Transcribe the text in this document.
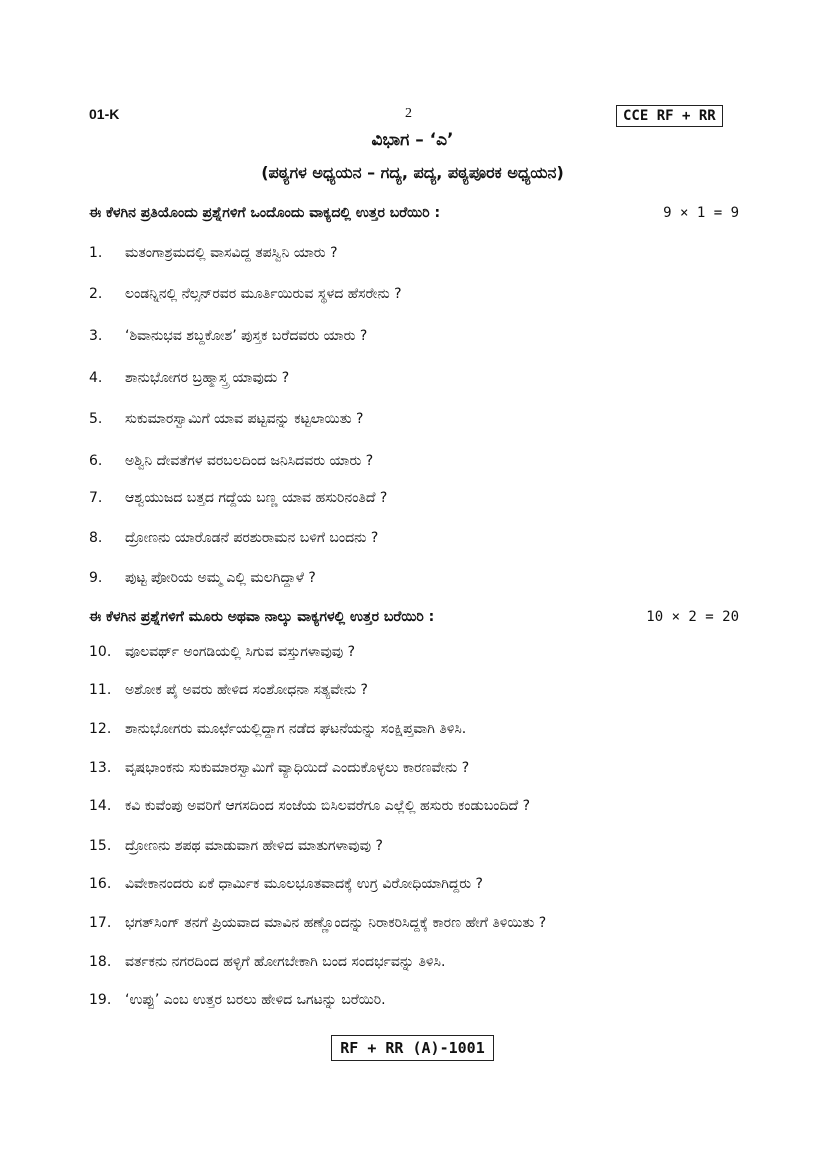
01-K	2	CCE RF + RR
ವಿಭಾಗ – ‘ಎ’
(ಪಠ್ಯಗಳ ಅಧ್ಯಯನ – ಗದ್ಯ, ಪದ್ಯ, ಪಠ್ಯಪೂರಕ ಅಧ್ಯಯನ)
ಈ ಕೆಳಗಿನ ಪ್ರತಿಯೊಂದು ಪ್ರಶ್ನೆಗಳಿಗೆ ಒಂದೊಂದು ವಾಕ್ಯದಲ್ಲಿ ಉತ್ತರ ಬರೆಯಿರಿ :	9 × 1 = 9
1. ಮತಂಗಾಶ್ರಮದಲ್ಲಿ ವಾಸವಿದ್ದ ತಪಸ್ವಿನಿ ಯಾರು ?
2. ಲಂಡನ್ನಿನಲ್ಲಿ ನೆಲ್ಸನ್‌ರವರ ಮೂರ್ತಿಯಿರುವ ಸ್ಥಳದ ಹೆಸರೇನು ?
3. ‘ಶಿವಾನುಭವ ಶಬ್ದಕೋಶ’ ಪುಸ್ತಕ ಬರೆದವರು ಯಾರು ?
4. ಶಾನುಭೋಗರ ಬ್ರಹ್ಮಾಸ್ತ್ರ ಯಾವುದು ?
5. ಸುಕುಮಾರಸ್ವಾಮಿಗೆ ಯಾವ ಪಟ್ಟವನ್ನು ಕಟ್ಟಲಾಯಿತು ?
6. ಅಶ್ವಿನಿ ದೇವತೆಗಳ ವರಬಲದಿಂದ ಜನಿಸಿದವರು ಯಾರು ?
7. ಆಶ್ವಯುಜದ ಬತ್ತದ ಗದ್ದೆಯ ಬಣ್ಣ ಯಾವ ಹಸುರಿನಂತಿದೆ ?
8. ದ್ರೋಣನು ಯಾರೊಡನೆ ಪರಶುರಾಮನ ಬಳಿಗೆ ಬಂದನು ?
9. ಪುಟ್ಟ ಪೋರಿಯ ಅಮ್ಮ ಎಲ್ಲಿ ಮಲಗಿದ್ದಾಳೆ ?
ಈ ಕೆಳಗಿನ ಪ್ರಶ್ನೆಗಳಿಗೆ ಮೂರು ಅಥವಾ ನಾಲ್ಕು ವಾಕ್ಯಗಳಲ್ಲಿ ಉತ್ತರ ಬರೆಯಿರಿ :	10 × 2 = 20
10. ವೂಲವರ್ಥ್ ಅಂಗಡಿಯಲ್ಲಿ ಸಿಗುವ ವಸ್ತುಗಳಾವುವು ?
11. ಅಶೋಕ ಪೈ ಅವರು ಹೇಳಿದ ಸಂಶೋಧನಾ ಸತ್ಯವೇನು ?
12. ಶಾನುಭೋಗರು ಮೂರ್ಛೆಯಲ್ಲಿದ್ದಾಗ ನಡೆದ ಘಟನೆಯನ್ನು ಸಂಕ್ಷಿಪ್ತವಾಗಿ ತಿಳಿಸಿ.
13. ವೃಷಭಾಂಕನು ಸುಕುಮಾರಸ್ವಾಮಿಗೆ ವ್ಯಾಧಿಯಿದೆ ಎಂದುಕೊಳ್ಳಲು ಕಾರಣವೇನು ?
14. ಕವಿ ಕುವೆಂಪು ಅವರಿಗೆ ಆಗಸದಿಂದ ಸಂಜೆಯ ಬಿಸಿಲವರೆಗೂ ಎಲ್ಲೆಲ್ಲಿ ಹಸುರು ಕಂಡುಬಂದಿದೆ ?
15. ದ್ರೋಣನು ಶಪಥ ಮಾಡುವಾಗ ಹೇಳಿದ ಮಾತುಗಳಾವುವು ?
16. ವಿವೇಕಾನಂದರು ಏಕೆ ಧಾರ್ಮಿಕ ಮೂಲಭೂತವಾದಕ್ಕೆ ಉಗ್ರ ವಿರೋಧಿಯಾಗಿದ್ದರು ?
17. ಭಗತ್‌ಸಿಂಗ್ ತನಗೆ ಪ್ರಿಯವಾದ ಮಾವಿನ ಹಣ್ಣೊಂದನ್ನು ನಿರಾಕರಿಸಿದ್ದಕ್ಕೆ ಕಾರಣ ಹೇಗೆ ತಿಳಿಯಿತು ?
18. ವರ್ತಕನು ನಗರದಿಂದ ಹಳ್ಳಿಗೆ ಹೋಗಬೇಕಾಗಿ ಬಂದ ಸಂದರ್ಭವನ್ನು ತಿಳಿಸಿ.
19. ‘ಉಪ್ಪು’ ಎಂಬ ಉತ್ತರ ಬರಲು ಹೇಳಿದ ಒಗಟನ್ನು ಬರೆಯಿರಿ.
RF + RR (A)-1001
